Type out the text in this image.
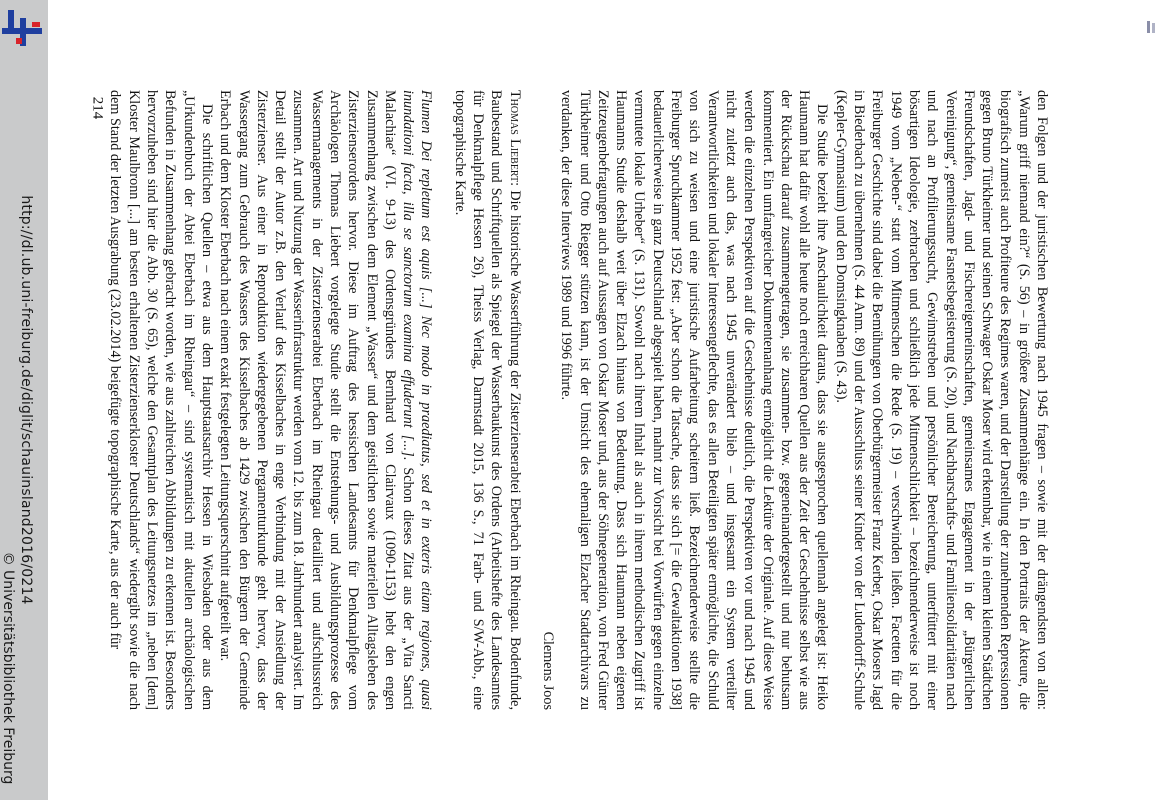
http://dl.ub.uni-freiburg.de/diglit/schauinsland2016/0214
© Universitätsbibliothek Freiburg
214	den Folgen und der juristischen Bewertung nach 1945 fragen – sowie mit der drängendsten von allen: „Warum griff niemand ein?“ (S. 56) – in größere Zusammenhänge ein. In den Portraits der Akteure, die biografisch zumeist auch Profiteure des Regimes waren, und der Darstellung der zunehmenden Repressionen gegen Bruno Türkheimer und seinen Schwager Oskar Moser wird erkennbar, wie in einem kleinen Städtchen Freundschaften, Jagd- und Fischereigemeinschaften, gemeinsames Engagement in der „Bürgerlichen Vereinigung“, gemeinsame Fasnetsbegeisterung (S. 20), und Nachbarschafts- und Familiensolidaritäten nach und nach an Profilierungssucht, Gewinnstreben und persönlicher Bereicherung, unterfüttert mit einer bösartigen Ideologie, zerbrachen und schließlich jede Mitmenschlichkeit – bezeichnenderweise ist noch 1949 vom „Neben-“ statt vom Mitmenschen die Rede (S. 19) – verschwinden ließen. Facetten für die Freiburger Geschichte sind dabei die Bemühungen von Oberbürgermeister Franz Kerber, Oskar Mosers Jagd in Biederbach zu übernehmen (S. 44 Anm. 89) und der Ausschluss seiner Kinder von der Ludendorff-Schule (Kepler-Gymnasium) und den Domsingknaben (S. 43).

Die Studie bezieht ihre Anschaulichkeit daraus, dass sie ausgesprochen quellennah angelegt ist: Heiko Haumann hat dafür wohl alle heute noch erreichbaren Quellen aus der Zeit der Geschehnisse selbst wie aus der Rückschau darauf zusammengetragen, sie zusammen- bzw. gegeneinandergestellt und nur behutsam kommentiert. Ein umfangreicher Dokumentenanhang ermöglicht die Lektüre der Originale. Auf diese Weise werden die einzelnen Perspektiven auf die Geschehnisse deutlich, die Perspektiven vor und nach 1945 und nicht zuletzt auch das, was nach 1945 unverändert blieb – und insgesamt ein System verteilter Verantwortlichkeiten und lokaler Interessengeflechte, das es allen Beteiligten später ermöglichte, die Schuld von sich zu weisen und eine juristische Aufarbeitung scheitern ließ. Bezeichnenderweise stellte die Freiburger Spruchkammer 1952 fest: „Aber schon die Tatsache, dass sie sich [= die Gewaltaktionen 1938] bedauerlicherweise in ganz Deutschland abgespielt haben, mahnt zur Vorsicht bei Vorwürfen gegen einzelne vermutete lokale Urheber“ (S. 131). Sowohl nach ihrem Inhalt als auch in ihrem methodischen Zugriff ist Haumanns Studie deshalb weit über Elzach hinaus von Bedeutung. Dass sich Haumann neben eigenen Zeitzeugenbefragungen auch auf Aussagen von Oskar Moser und, aus der Söhnegeneration, von Fred Günter Türkheimer und Otto Riegger stützen kann, ist der Umsicht des ehemaligen Elzacher Stadtarchivars zu verdanken, der diese Interviews 1989 und 1996 führte.

Clemens Joos

Thomas Liebert: Die historische Wasserführung der Zisterzienserabtei Eberbach im Rheingau. Bodenfunde, Baubestand und Schriftquellen als Spiegel der Wasserbaukunst des Ordens (Arbeitshefte des Landesamtes für Denkmalpflege Hessen 26), Theiss Verlag, Darmstadt 2015, 136 S., 71 Farb- und S/W-Abb., eine topographische Karte.

Flumen Dei repletum est aquis [...] Nec modo in praediatus, sed et in exteris etiam regiones, quasi inundationi facta, illa se sanctorum examina effuderunt [...]. Schon dieses Zitat aus der „Vita Sancti Malachiae“ (VI. 9-13) des Ordensgründers Bernhard von Clairvaux (1090-1153) hebt den engen Zusammenhang zwischen dem Element „Wasser“ und dem geistlichen sowie materiellen Alltagsleben des Zisterzienserordens hervor. Diese im Auftrag des hessischen Landesamts für Denkmalpflege vom Archäologen Thomas Liebert vorgelegte Studie stellt die Entstehungs- und Ausbildungsprozesse des Wassermanagements in der Zisterzienserabtei Eberbach im Rheingau detailliert und aufschlussreich zusammen. Art und Nutzung der Wasserinfrastruktur werden vom 12. bis zum 18. Jahrhundert analysiert. Im Detail stellt der Autor z.B. den Verlauf des Kisselbaches in enge Verbindung mit der Ansiedlung der Zisterzienser. Aus einer in Reproduktion wiedergegebenen Pergamenturkunde geht hervor, dass der Wassergang zum Gebrauch des Wassers des Kisselbaches ab 1429 zwischen den Bürgern der Gemeinde Erbach und dem Kloster Eberbach nach einem exakt festgelegten Leitungsquerschnitt aufgeteilt war.

Die schriftlichen Quellen – etwa aus dem Hauptstaatsarchiv Hessen in Wiesbaden oder aus dem „Urkundenbuch der Abtei Eberbach im Rheingau“ – sind systematisch mit aktuellen archäologischen Befunden in Zusammenhang gebracht worden, wie aus zahlreichen Abbildungen zu erkennen ist. Besonders hervorzuheben sind hier die Abb. 30 (S. 65), welche den Gesamtplan des Leitungsnetzes im „neben [dem] Kloster Maulbronn [...] am besten erhaltenen Zisterzienserkloster Deutschlands“ wiedergibt sowie die nach dem Stand der letzten Ausgrabung (23.02.2014) beigefügte topographische Karte, aus der auch für
